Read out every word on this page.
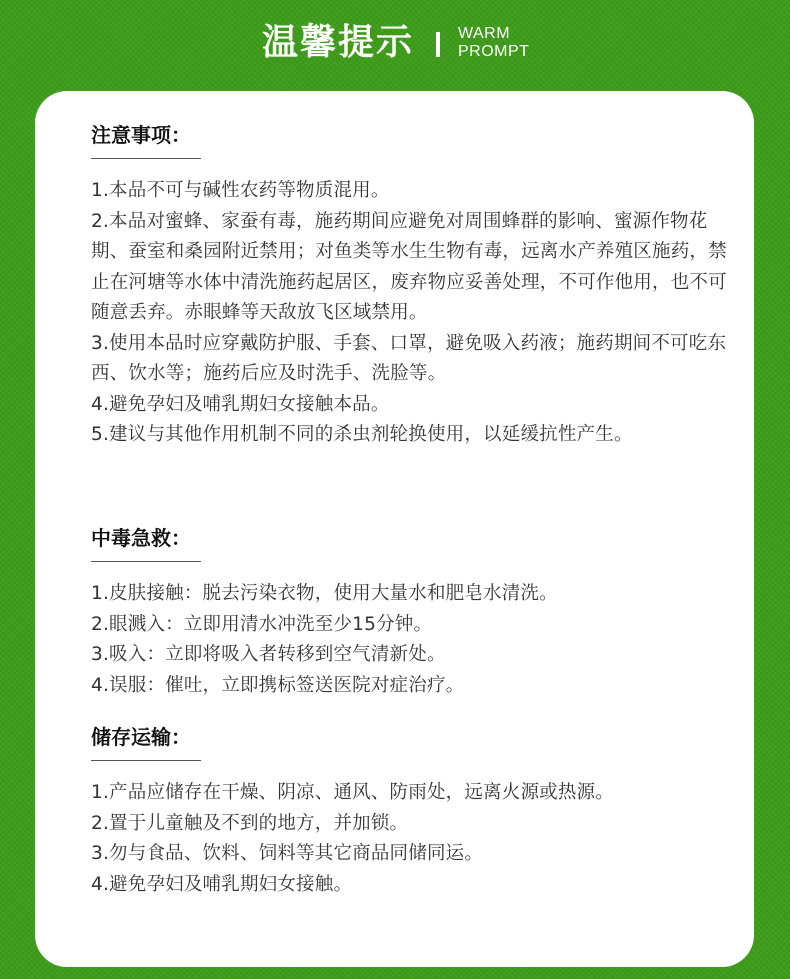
温馨提示	WARM
PROMPT
注意事项：

1.本品不可与碱性农药等物质混用。

2.本品对蜜蜂、家蚕有毒，施药期间应避免对周围蜂群的影响、蜜源作物花期、蚕室和桑园附近禁用；对鱼类等水生生物有毒，远离水产养殖区施药，禁止在河塘等水体中清洗施药起居区，废弃物应妥善处理，不可作他用，也不可随意丢弃。赤眼蜂等天敌放飞区域禁用。

3.使用本品时应穿戴防护服、手套、口罩，避免吸入药液；施药期间不可吃东西、饮水等；施药后应及时洗手、洗脸等。

4.避免孕妇及哺乳期妇女接触本品。

5.建议与其他作用机制不同的杀虫剂轮换使用，以延缓抗性产生。

中毒急救：

1.皮肤接触：脱去污染衣物，使用大量水和肥皂水清洗。

2.眼溅入：立即用清水冲洗至少15分钟。

3.吸入：立即将吸入者转移到空气清新处。

4.误服：催吐，立即携标签送医院对症治疗。

储存运输：

1.产品应储存在干燥、阴凉、通风、防雨处，远离火源或热源。

2.置于儿童触及不到的地方，并加锁。

3.勿与食品、饮料、饲料等其它商品同储同运。

4.避免孕妇及哺乳期妇女接触。
